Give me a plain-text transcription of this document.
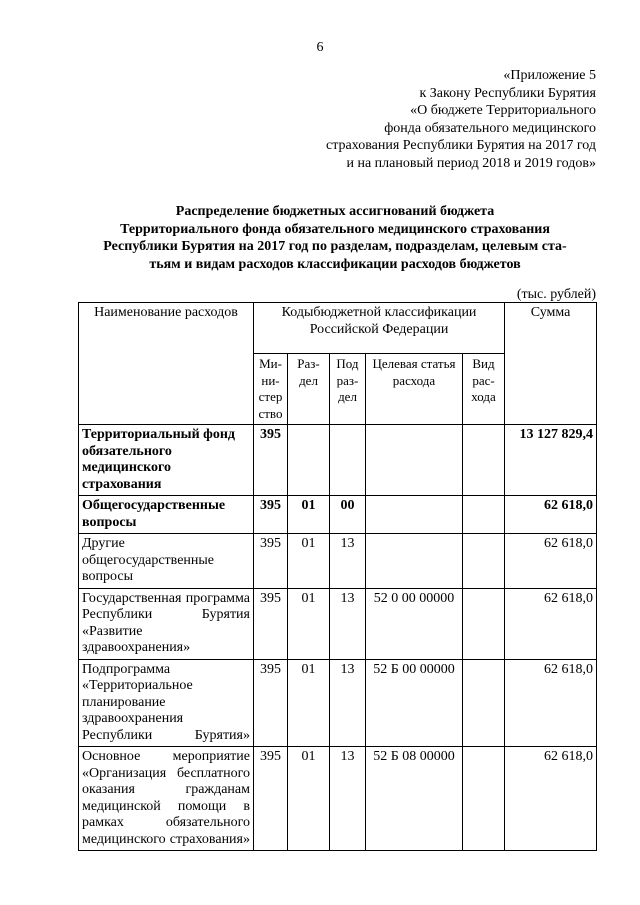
6
«Приложение 5
к Закону Республики Бурятия
«О бюджете Территориального
фонда обязательного медицинского
страхования Республики Бурятия на 2017 год
и на плановый период 2018 и 2019 годов»
Распределение бюджетных ассигнований бюджета
Территориального фонда обязательного медицинского страхования
Республики Бурятия на 2017 год по разделам, подразделам, целевым ста-
тьям и видам расходов классификации расходов бюджетов
(тыс. рублей)
Наименование расходов	Кодыбюджетной классификации Российской Федерации					Сумма
	Ми-ни-стер ство	Раз-дел	Под раз-дел	Целевая статья расхода	Вид рас-хода	
Территориальный фонд обязательного медицинского страхования	395					13 127 829,4
Общегосударственные вопросы	395	01	00			62 618,0
Другие общегосударственные вопросы	395	01	13			62 618,0
Государственная программа Республики Бурятия «Развитие здравоохранения»	395	01	13	52 0 00 00000		62 618,0
Подпрограмма «Территориальное планирование здравоохранения Республики Бурятия»	395	01	13	52 Б 00 00000		62 618,0
Основное мероприятие «Организация бесплатного оказания гражданам медицинской помощи в рамках обязательного медицинского страхования»	395	01	13	52 Б 08 00000		62 618,0
